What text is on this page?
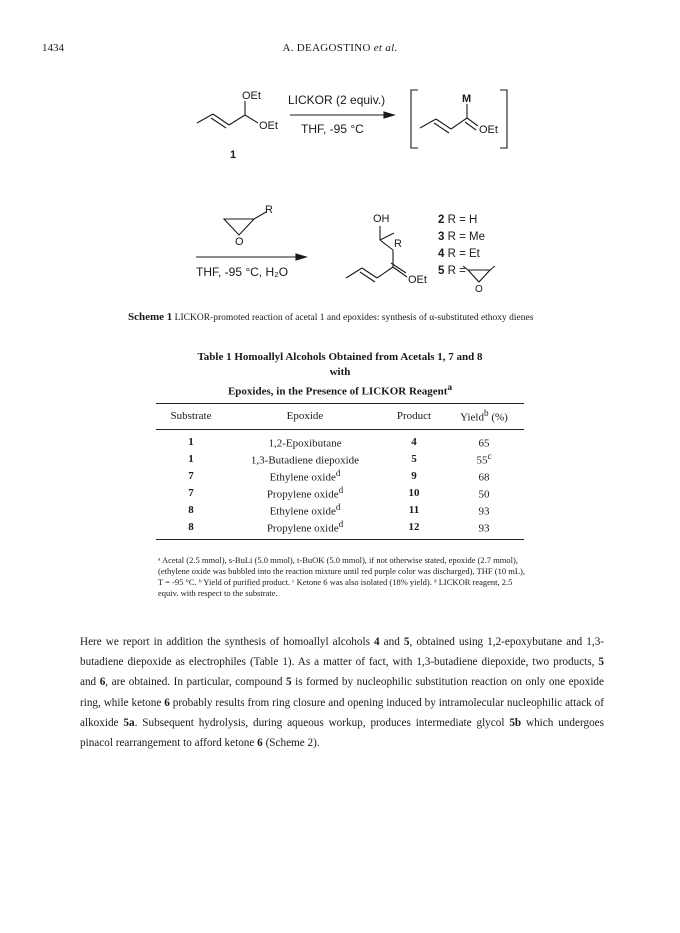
1434	A. DEAGOSTINO et al.
OEt
OEt
1
LICKOR (2 equiv.)
THF, -95 °C
M
OEt
R
O
THF, -95 °C, H₂O
OH
R
OEt
2 R = H
3 R = Me
4 R = Et
5 R =
O
Scheme 1 LICKOR-promoted reaction of acetal 1 and epoxides: synthesis of α-substituted ethoxy dienes
Table 1 Homoallyl Alcohols Obtained from Acetals 1, 7 and 8
with
Epoxides, in the Presence of LICKOR Reagent$^a$
Substrate	Epoxide	Product	Yield$^b$ (%)
1	1,2-Epoxibutane	4	65
1	1,3-Butadiene diepoxide	5	55$^c$
7	Ethylene oxide$^d$	9	68
7	Propylene oxide$^d$	10	50
8	Ethylene oxide$^d$	11	93
8	Propylene oxide$^d$	12	93
ᵃ Acetal (2.5 mmol), s-BuLi (5.0 mmol), t-BuOK (5.0 mmol), if not otherwise stated, epoxide (2.7 mmol), (ethylene oxide was bubbled into the reaction mixture until red purple color was discharged), THF (10 mL), T = -95 °C. ᵇ Yield of purified product. ᶜ Ketone 6 was also isolated (18% yield). ᵈ LICKOR reagent, 2.5 equiv. with respect to the substrate.
Here we report in addition the synthesis of homoallyl alcohols 4 and 5, obtained using 1,2-epoxybutane and 1,3-butadiene diepoxide as electrophiles (Table 1). As a matter of fact, with 1,3-butadiene diepoxide, two products, 5 and 6, are obtained. In particular, compound 5 is formed by nucleophilic substitution reaction on only one epoxide ring, while ketone 6 probably results from ring closure and opening induced by intramolecular nucleophilic attack of alkoxide 5a. Subsequent hydrolysis, during aqueous workup, produces intermediate glycol 5b which undergoes pinacol rearrangement to afford ketone 6 (Scheme 2).
